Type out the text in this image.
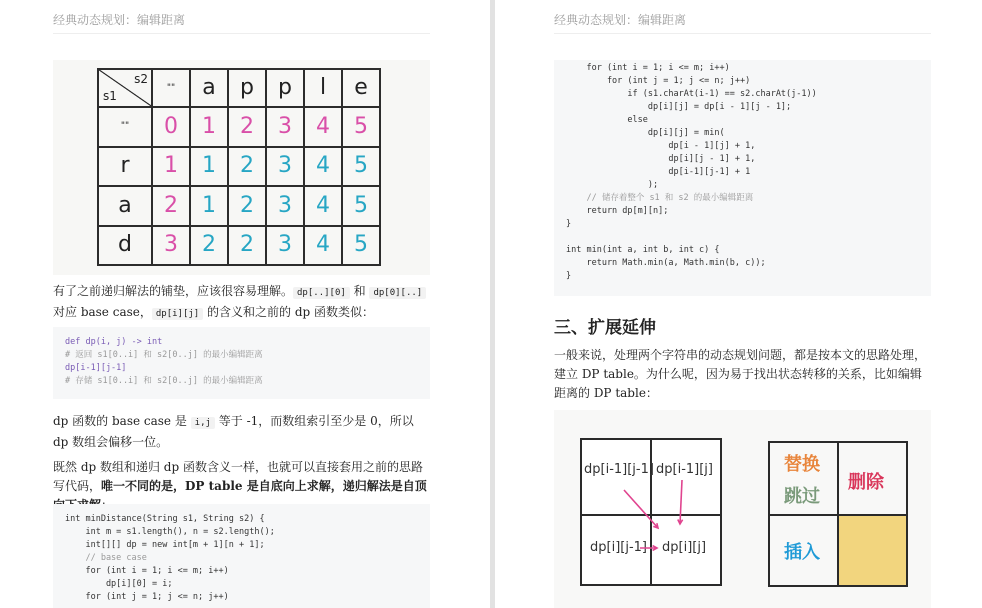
经典动态规划：编辑距离
s2
s1	""	a	p	p	l	e
""	0	1	2	3	4	5
r	1	1	2	3	4	5
a	2	1	2	3	4	5
d	3	2	2	3	4	5

有了之前递归解法的铺垫，应该很容易理解。 dp[..][0] 和 dp[0][..] 对应 base case， dp[i][j] 的含义和之前的 dp 函数类似：

def dp(i, j) -> int
# 返回 s1[0..i] 和 s2[0..j] 的最小编辑距离
dp[i-1][j-1]
# 存储 s1[0..i] 和 s2[0..j] 的最小编辑距离

dp 函数的 base case 是 i,j 等于 -1，而数组索引至少是 0，所以 dp 数组会偏移一位。

既然 dp 数组和递归 dp 函数含义一样，也就可以直接套用之前的思路写代码，唯一不同的是，DP table 是自底向上求解，递归解法是自顶

int minDistance(String s1, String s2) {
int m = s1.length(), n = s2.length();
int[][] dp = new int[m + 1][n + 1];
// base case
for (int i = 1; i <= m; i++)
dp[i][0] = i;
for (int j = 1; j <= n; j++)
经典动态规划：编辑距离
for (int i = 1; i <= m; i++)
for (int j = 1; j <= n; j++)
if (s1.charAt(i-1) == s2.charAt(j-1))
dp[i][j] = dp[i - 1][j - 1];
else
dp[i][j] = min(
dp[i - 1][j] + 1,
dp[i][j - 1] + 1,
dp[i-1][j-1] + 1
);
// 储存着整个 s1 和 s2 的最小编辑距离
return dp[m][n];
}
int min(int a, int b, int c) {
return Math.min(a, Math.min(b, c));
}
三、扩展延伸

一般来说，处理两个字符串的动态规划问题，都是按本文的思路处理，建立 DP table。为什么呢，因为易于找出状态转移的关系，比如编辑距离的 DP table：

dp[i-1][j-1] dp[i-1][j]
dp[i][j-1] dp[i][j]
替换
跳过
删除
插入
